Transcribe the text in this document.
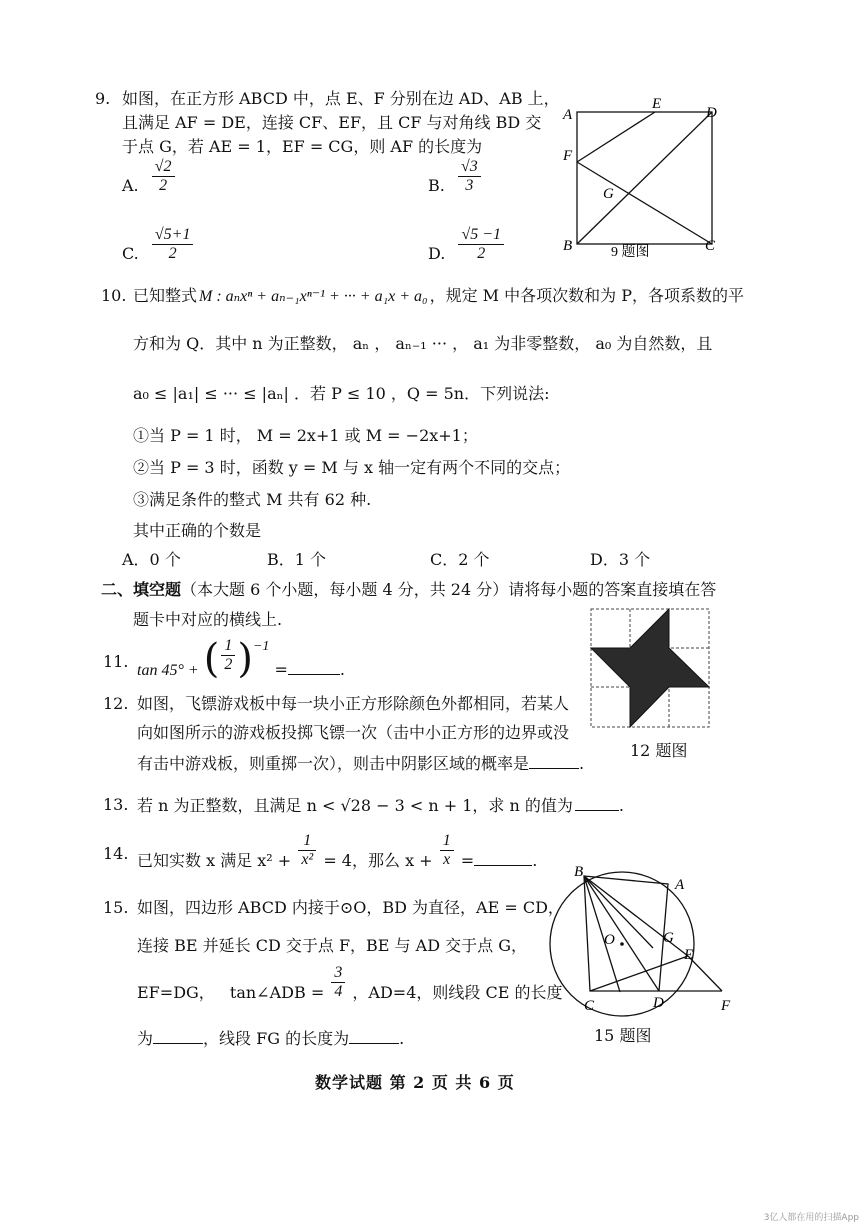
9. 如图，在正方形 ABCD 中，点 E、F 分别在边 AD、AB 上，
且满足 AF = DE，连接 CF、EF，且 CF 与对角线 BD 交
于点 G，若 AE = 1，EF = CG，则 AF 的长度为
A. $\frac{√2}{2}$	B. $\frac{√3}{3}$
C. $\frac{√5+1}{2}$	D. $\frac{√5 -1}{2}$
A
E
D
F
G
B	C
9 题图
10. 已知整式 M : aₙxⁿ + aₙ₋₁xⁿ⁻¹ + ··· + a₁x + a₀ ，规定 M 中各项次数和为 P，各项系数的平
方和为 Q．其中 n 为正整数， aₙ ， aₙ₋₁ ··· ， a₁ 为非零整数， a₀ 为自然数，且
a₀ ≤ |a₁| ≤ ··· ≤ |aₙ| ．若 P ≤ 10 ，Q = 5n．下列说法:
①当 P = 1 时， M = 2x+1 或 M = −2x+1；
②当 P = 3 时，函数 y = M 与 x 轴一定有两个不同的交点；
③满足条件的整式 M 共有 62 种.
其中正确的个数是
A．0 个	B．1 个	C．2 个	D．3 个
二、填空题（本大题 6 个小题，每小题 4 分，共 24 分）请将每小题的答案直接填在答
题卡中对应的横线上.
11. tan 45° + ( $\frac{1}{2} )^{-1}$ =	.
12 题图
12. 如图，飞镖游戏板中每一块小正方形除颜色外都相同，若某人
向如图所示的游戏板投掷飞镖一次（击中小正方形的边界或没
有击中游戏板，则重掷一次），则击中阴影区域的概率是	.
13. 若 n 为正整数，且满足 n < √28 − 3 < n + 1，求 n 的值为	.
14. 已知实数 x 满足 $x^2 + \frac{1}{\text{x²}} = 4$，那么 $x + \frac{1}{x}$ =	.
15. 如图，四边形 ABCD 内接于⊙O，BD 为直径，AE = CD，
连接 BE 并延长 CD 交于点 F，BE 与 AD 交于点 G，
EF=DG， tan∠ADB = $\frac{3}{4}$ ，AD=4，则线段 CE 的长度
为	，线段 FG 的长度为	.
B
A
O	G
E
C	D	F
15 题图
数学试题 第 2 页 共 6 页
3亿人都在用的扫描App
